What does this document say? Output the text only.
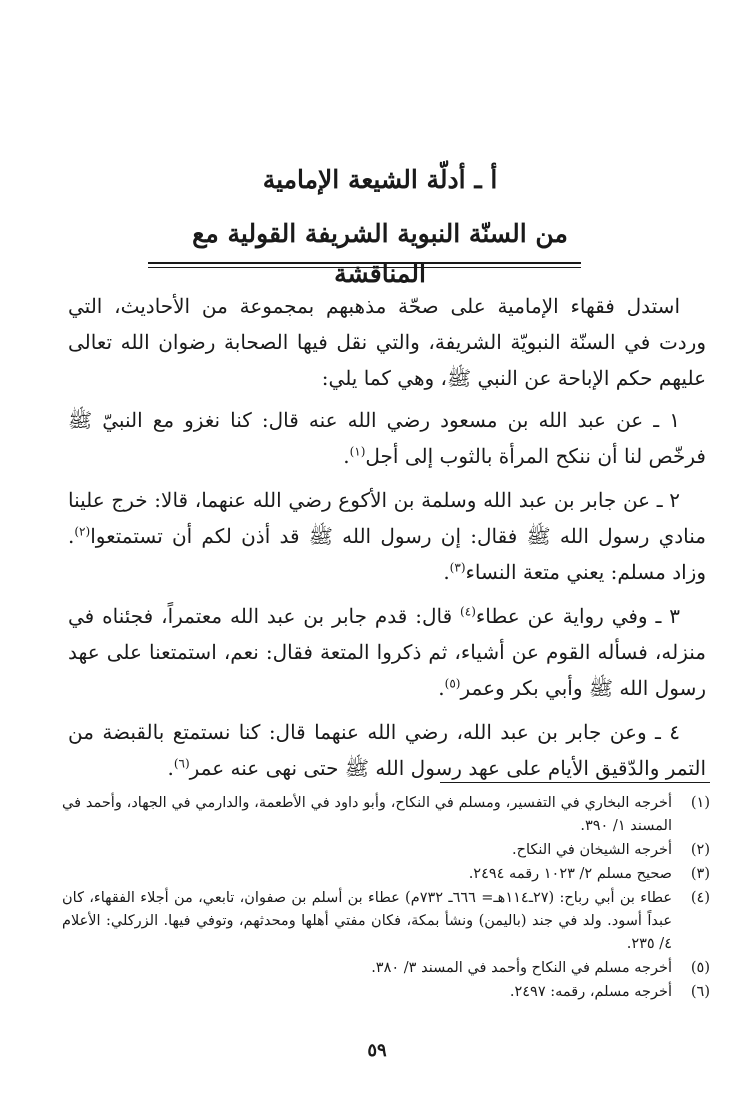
أ ـ أدلّة الشيعة الإمامية
من السنّة النبوية الشريفة القولية مع المناقشة

استدل فقهاء الإمامية على صحّة مذهبهم بمجموعة من الأحاديث، التي وردت في السنّة النبويّة الشريفة، والتي نقل فيها الصحابة رضوان الله تعالى عليهم حكم الإباحة عن النبي ﷺ، وهي كما يلي:

١ ـ عن عبد الله بن مسعود رضي الله عنه قال: كنا نغزو مع النبيّ ﷺ فرخّص لنا أن ننكح المرأة بالثوب إلى أجل$^{(١)}$.

٢ ـ عن جابر بن عبد الله وسلمة بن الأكوع رضي الله عنهما، قالا: خرج علينا منادي رسول الله ﷺ فقال: إن رسول الله ﷺ قد أذن لكم أن تستمتعوا$^{(٢)}$. وزاد مسلم: يعني متعة النساء$^{(٣)}$.

٣ ـ وفي رواية عن عطاء$^{(٤)}$ قال: قدم جابر بن عبد الله معتمراً، فجئناه في منزله، فسأله القوم عن أشياء، ثم ذكروا المتعة فقال: نعم، استمتعنا على عهد رسول الله ﷺ وأبي بكر وعمر$^{(٥)}$.

٤ ـ وعن جابر بن عبد الله، رضي الله عنهما قال: كنا نستمتع بالقبضة من التمر والدّقيق الأيام على عهد رسول الله ﷺ حتى نهى عنه عمر$^{(٦)}$.

(١)
أخرجه البخاري في التفسير، ومسلم في النكاح، وأبو داود في الأطعمة، والدارمي في الجهاد، وأحمد في المسند ١/ ٣٩٠.
(٢)
أخرجه الشيخان في النكاح.
(٣)
صحيح مسلم ٢/ ١٠٢٣ رقمه ٢٤٩٤.
(٤)
عطاء بن أبي رباح: (٢٧ـ١١٤هـ= ٦٦٦ـ ٧٣٢م) عطاء بن أسلم بن صفوان، تابعي، من أجلاء الفقهاء، كان عبداً أسود. ولد في جند (باليمن) ونشأ بمكة، فكان مفتي أهلها ومحدثهم، وتوفي فيها. الزركلي: الأعلام ٤/ ٢٣٥.
(٥)
أخرجه مسلم في النكاح وأحمد في المسند ٣/ ٣٨٠.
(٦)
أخرجه مسلم، رقمه: ٢٤٩٧.
٥٩
